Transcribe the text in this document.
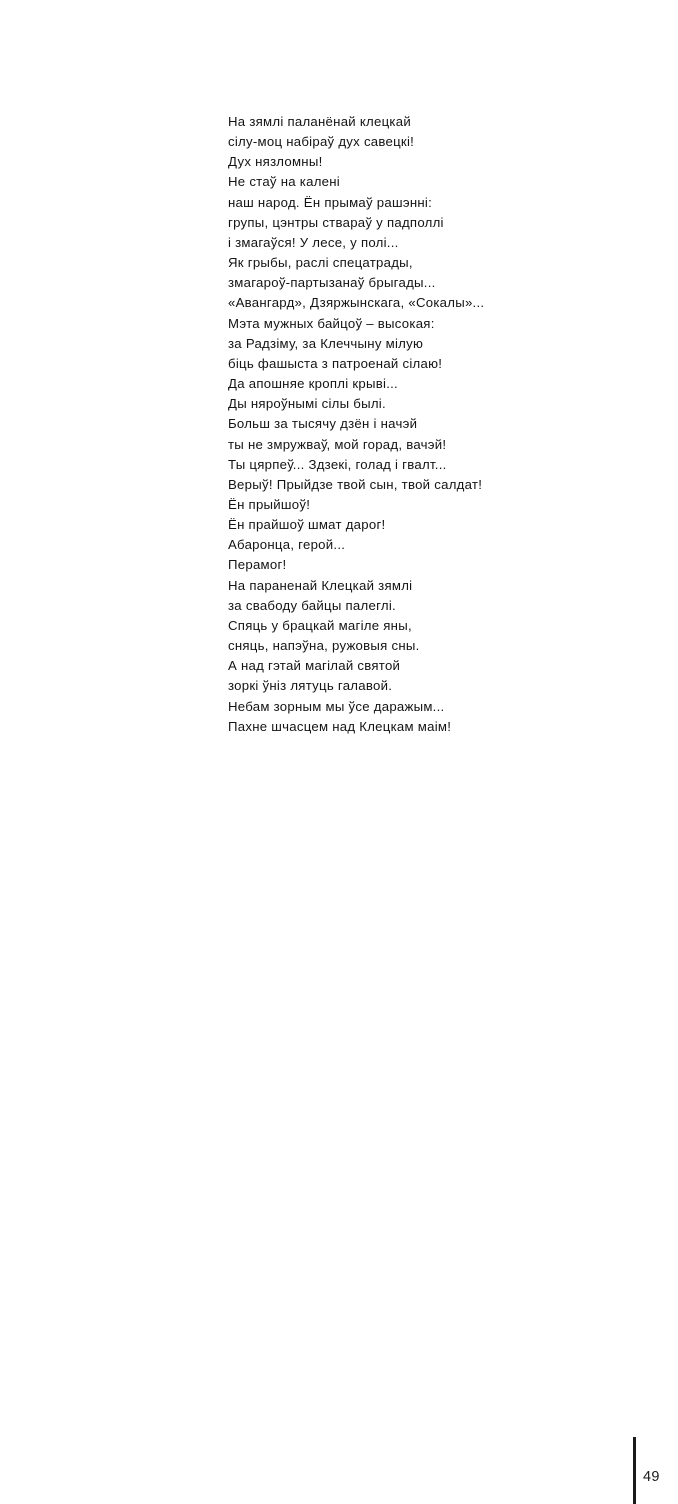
На зямлі паланёнай клецкай
сілу-моц набіраў дух савецкі!
Дух нязломны!
Не стаў на калені
наш народ. Ён прымаў рашэнні:
групы, цэнтры ствараў у падполлі
і змагаўся! У лесе, у полі...
Як грыбы, раслі спецатрады,
змагароў-партызанаў брыгады...
«Авангард», Дзяржынскага, «Сокалы»...
Мэта мужных байцоў – высокая:
за Радзіму, за Клеччыну мілую
біць фашыста з патроенай сілаю!
Да апошняе кроплі крыві...
Ды няроўнымі сілы былі.
Больш за тысячу дзён і начэй
ты не змружваў, мой горад, вачэй!
Ты цярпеў... Здзекі, голад і гвалт...
Верыў! Прыйдзе твой сын, твой салдат!
Ён прыйшоў!
Ён прайшоў шмат дарог!
Абаронца, герой...
Перамог!
На параненай Клецкай зямлі
за свабоду байцы палеглі.
Спяць у брацкай магіле яны,
сняць, напэўна, ружовыя сны.
А над гэтай магілай святой
зоркі ўніз лятуць галавой.
Небам зорным мы ўсе даражым...
Пахне шчасцем над Клецкам маім!
49
